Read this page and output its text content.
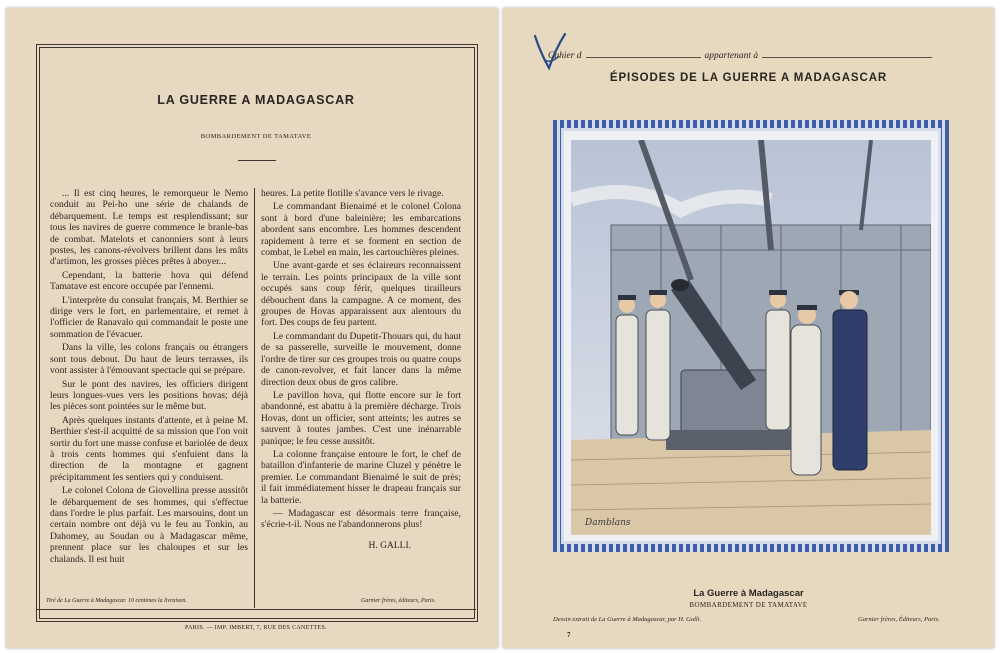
LA GUERRE A MADAGASCAR
BOMBARDEMENT DE TAMATAVE

... Il est cinq heures, le remorqueur le Nemo conduit au Pei-ho une série de chalands de débarquement. Le temps est resplendissant; sur tous les navires de guerre commence le branle-bas de combat. Matelots et canonniers sont à leurs postes, les canons-révolvers brillent dans les mâts d'artimon, les grosses pièces prêtes à aboyer...

Cependant, la batterie hova qui défend Tamatave est encore occupée par l'ennemi.

L'interprète du consulat français, M. Berthier se dirige vers le fort, en parlementaire, et remet à l'officier de Ranavalo qui commandait le poste une sommation de l'évacuer.

Dans la ville, les colons français ou étrangers sont tous debout. Du haut de leurs terrasses, ils vont assister à l'émouvant spectacle qui se prépare.

Sur le pont des navires, les officiers dirigent leurs longues-vues vers les positions hovas; déjà les pièces sont pointées sur le même but.

Après quelques instants d'attente, et à peine M. Berthier s'est-il acquitté de sa mission que l'on voit sortir du fort une masse confuse et bariolée de deux à trois cents hommes qui s'enfuient dans la direction de la montagne et gagnent précipitamment les sentiers qui y conduisent.

Le colonel Colona de Giovellina presse aussitôt le débarquement de ses hommes, qui s'effectue dans l'ordre le plus parfait. Les marsouins, dont un certain nombre ont déjà vu le feu au Tonkin, au Dahomey, au Soudan ou à Madagascar même, prennent place sur les chaloupes et sur les chalands. Il est huit

heures. La petite flotille s'avance vers le rivage.

Le commandant Bienaimé et le colonel Colona sont à bord d'une baleinière; les embarcations abordent sans encombre. Les hommes descendent rapidement à terre et se forment en section de combat, le Lebel en main, les cartouchières pleines.

Une avant-garde et ses éclaireurs reconnaissent le terrain. Les points principaux de la ville sont occupés sans coup férir, quelques tirailleurs débouchent dans la campagne. A ce moment, des groupes de Hovas apparaissent aux alentours du fort. Des coups de feu partent.

Le commandant du Dupetit-Thouars qui, du haut de sa passerelle, surveille le mouvement, donne l'ordre de tirer sur ces groupes trois ou quatre coups de canon-revolver, et fait lancer dans la même direction deux obus de gros calibre.

Le pavillon hova, qui flotte encore sur le fort abandonné, est abattu à la première décharge. Trois Hovas, dont un officier, sont atteints; les autres se sauvent à toutes jambes. C'est une inénarrable panique; le feu cesse aussitôt.

La colonne française entoure le fort, le chef de bataillon d'infanterie de marine Cluzel y pénètre le premier. Le commandant Bienaimé le suit de près; il fait immédiatement hisser le drapeau français sur la batterie.

— Madagascar est désormais terre française, s'écrie-t-il. Nous ne l'abandonnerons plus!

H. GALLI.
Tiré de La Guerre à Madagascar. 10 centimes la livraison.	Garnier frères, éditeurs, Paris.
PARIS. — IMP. IMBERT, 7, RUE DES CANETTES.
Cahier d	appartenant à
ÉPISODES DE LA GUERRE A MADAGASCAR
Damblans
La Guerre à Madagascar
BOMBARDEMENT DE TAMATAVE
Dessin extrait de La Guerre à Madagascar, par H. Galli.	Garnier frères, Éditeurs, Paris.
7
